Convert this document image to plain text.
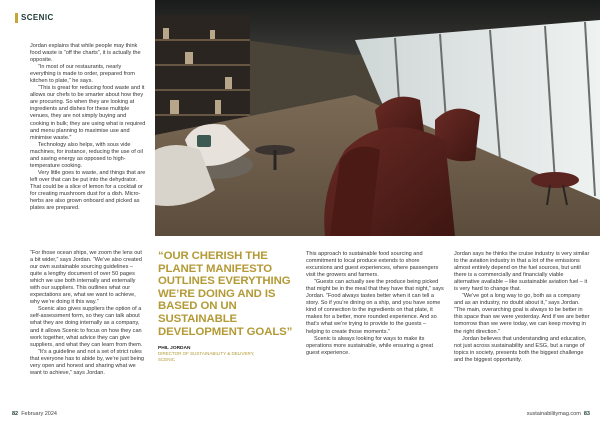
SCENIC

Jordan explains that while people may think food waste is “off the charts”, it is actually the opposite.

“In most of our restaurants, nearly everything is made to order, prepared from kitchen to plate,” he says.

“This is great for reducing food waste and it allows our chefs to be smarter about how they are procuring. So when they are looking at ingredients and dishes for these multiple venues, they are not simply buying and cooking in bulk; they are using what is required and menu planning to maximise use and minimise waste.”

Technology also helps, with sous vide machines, for instance, reducing the use of oil and saving energy as opposed to high-temperature cooking.

Very little goes to waste, and things that are left over that can be put into the dehydrator. That could be a slice of lemon for a cocktail or for creating mushroom dust for a dish. Micro-herbs are also grown onboard and picked as plates are prepared.

“For those ocean ships, we zoom the lens out a bit wider,” says Jordan. “We’ve also created our own sustainable sourcing guidelines – quite a lengthy document of over 50 pages which we use both internally and externally with our suppliers. This outlines what our expectations are, what we want to achieve, why we’re doing it this way.”

Scenic also gives suppliers the option of a self-assessment form, so they can talk about what they are doing internally as a company, and it allows Scenic to focus on how they can work together, what advice they can give suppliers, and what they can learn from them.

“It’s a guideline and not a set of strict rules that everyone has to abide by, we’re just being very open and honest and sharing what we want to achieve,” says Jordan.

“OUR CHERISH THE PLANET MANIFESTO OUTLINES EVERYTHING WE’RE DOING AND IS BASED ON UN SUSTAINABLE DEVELOPMENT GOALS”
PHIL JORDAN
DIRECTOR OF SUSTAINABILITY & DELIVERY,
SCENIC

This approach to sustainable food sourcing and commitment to local produce extends to shore excursions and guest experiences, where passengers visit the growers and farmers.

“Guests can actually see the produce being picked that might be in the meal that they have that night,” says Jordan. “Food always tastes better when it can tell a story. So if you’re dining on a ship, and you have some kind of connection to the ingredients on that plate, it makes for a better, more rounded experience. And so that’s what we’re trying to provide to the guests – helping to create those moments.”

Scenic is always looking for ways to make its operations more sustainable, while ensuring a great guest experience.

Jordan says he thinks the cruise industry is very similar to the aviation industry in that a lot of the emissions almost entirely depend on the fuel sources, but until there is a commercially and financially viable alternative available – like sustainable aviation fuel – it is very hard to change that.

“We’ve got a long way to go, both as a company and as an industry, no doubt about it,” says Jordan. “The main, overarching goal is always to be better in this space than we were yesterday. And if we are better tomorrow than we were today, we can keep moving in the right direction.”

Jordan believes that understanding and education, not just across sustainability and ESG, but a range of topics in society, presents both the biggest challenge and the biggest opportunity.

82 February 2024	sustainabilitymag.com 83
